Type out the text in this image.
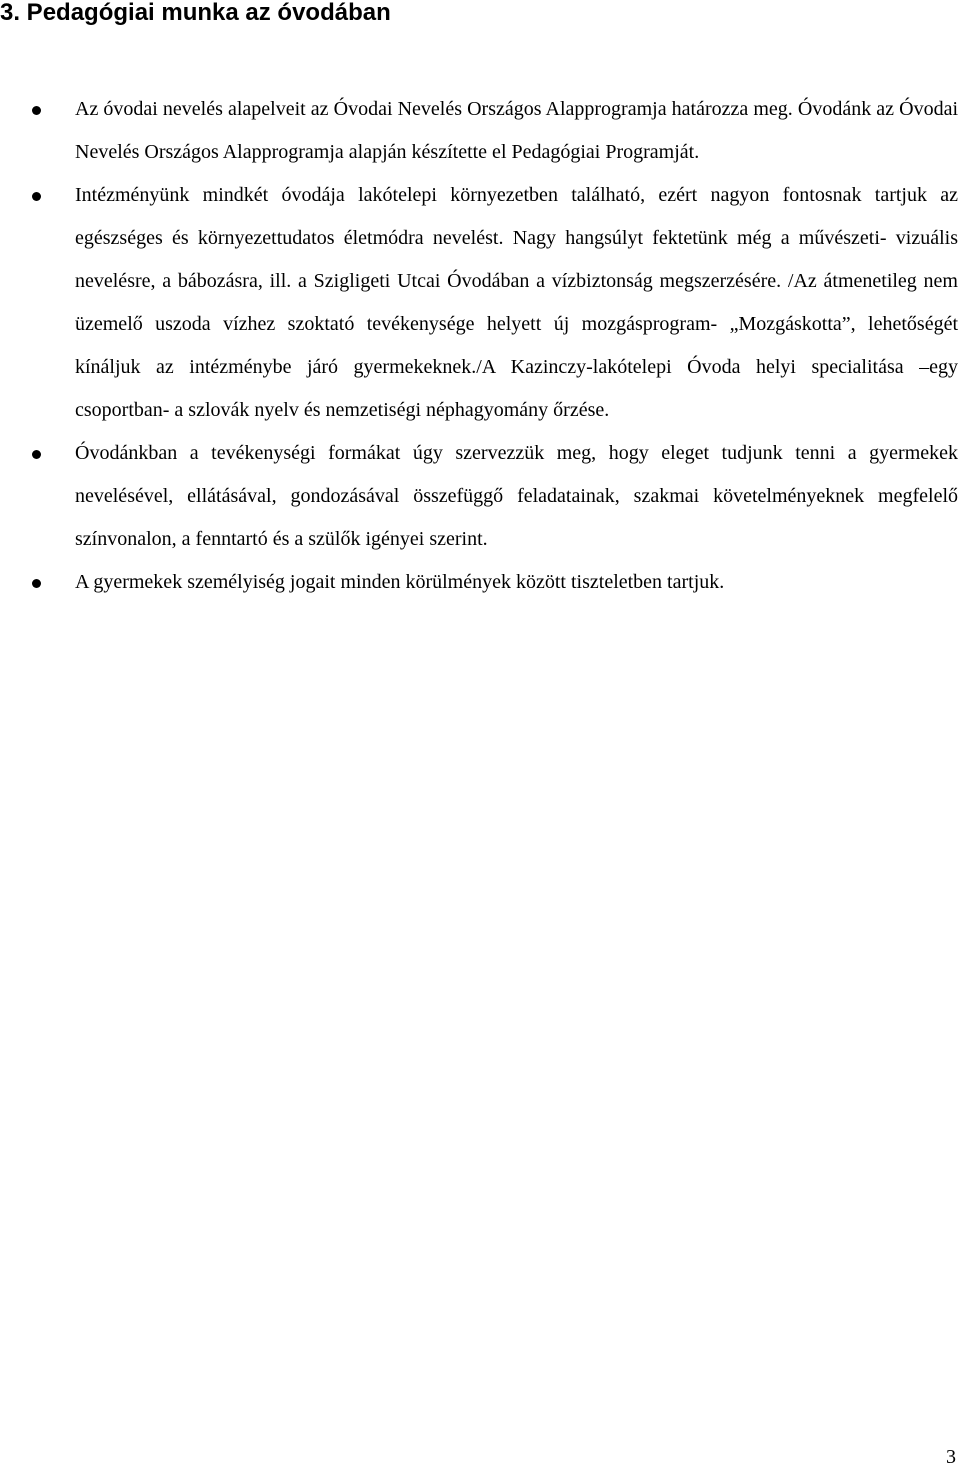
3. Pedagógiai munka az óvodában
Az óvodai nevelés alapelveit az Óvodai Nevelés Országos Alapprogramja határozza meg. Óvodánk az Óvodai Nevelés Országos Alapprogramja alapján készítette el Pedagógiai Programját.
Intézményünk mindkét óvodája lakótelepi környezetben található, ezért nagyon fontosnak tartjuk az egészséges és környezettudatos életmódra nevelést. Nagy hangsúlyt fektetünk még a művészeti- vizuális nevelésre, a bábozásra, ill. a Szigligeti Utcai Óvodában a vízbiztonság megszerzésére. /Az átmenetileg nem üzemelő uszoda vízhez szoktató tevékenysége helyett új mozgásprogram- „Mozgáskotta”, lehetőségét kínáljuk az intézménybe járó gyermekeknek./A Kazinczy-lakótelepi Óvoda helyi specialitása –egy csoportban- a szlovák nyelv és nemzetiségi néphagyomány őrzése.
Óvodánkban a tevékenységi formákat úgy szervezzük meg, hogy eleget tudjunk tenni a gyermekek nevelésével, ellátásával, gondozásával összefüggő feladatainak, szakmai követelményeknek megfelelő színvonalon, a fenntartó és a szülők igényei szerint.
A gyermekek személyiség jogait minden körülmények között tiszteletben tartjuk.
3
